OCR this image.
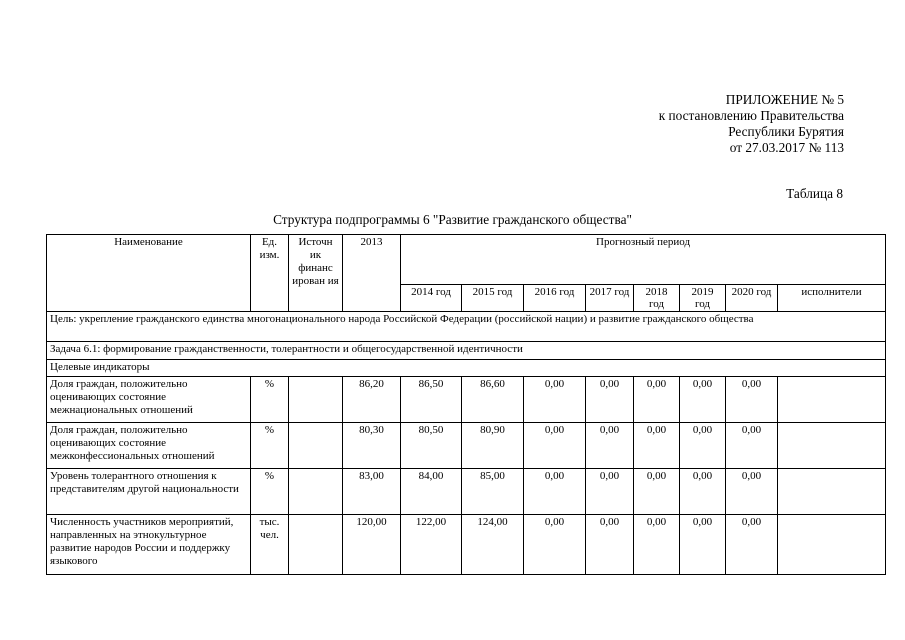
ПРИЛОЖЕНИЕ № 5
к постановлению Правительства
Республики Бурятия
от 27.03.2017 № 113
Таблица 8
Структура подпрограммы 6 "Развитие гражданского общества"
Наименование	Ед. изм.	Источн ик финанс ирован ия	2013	Прогнозный период							
				2014 год	2015 год	2016 год	2017 год	2018 год	2019 год	2020 год	исполнители
Цель: укрепление гражданского единства многонационального народа Российской Федерации (российской нации) и развитие гражданского общества											
Задача 6.1: формирование гражданственности, толерантности и общегосударственной идентичности											
Целевые индикаторы											
Доля граждан, положительно оценивающих состояние межнациональных отношений	%		86,20	86,50	86,60	0,00	0,00	0,00	0,00	0,00	
Доля граждан, положительно оценивающих состояние межконфессиональных отношений	%		80,30	80,50	80,90	0,00	0,00	0,00	0,00	0,00	
Уровень толерантного отношения к представителям другой национальности	%		83,00	84,00	85,00	0,00	0,00	0,00	0,00	0,00	
Численность участников мероприятий, направленных на этнокультурное развитие народов России и поддержку языкового	тыс. чел.		120,00	122,00	124,00	0,00	0,00	0,00	0,00	0,00	
